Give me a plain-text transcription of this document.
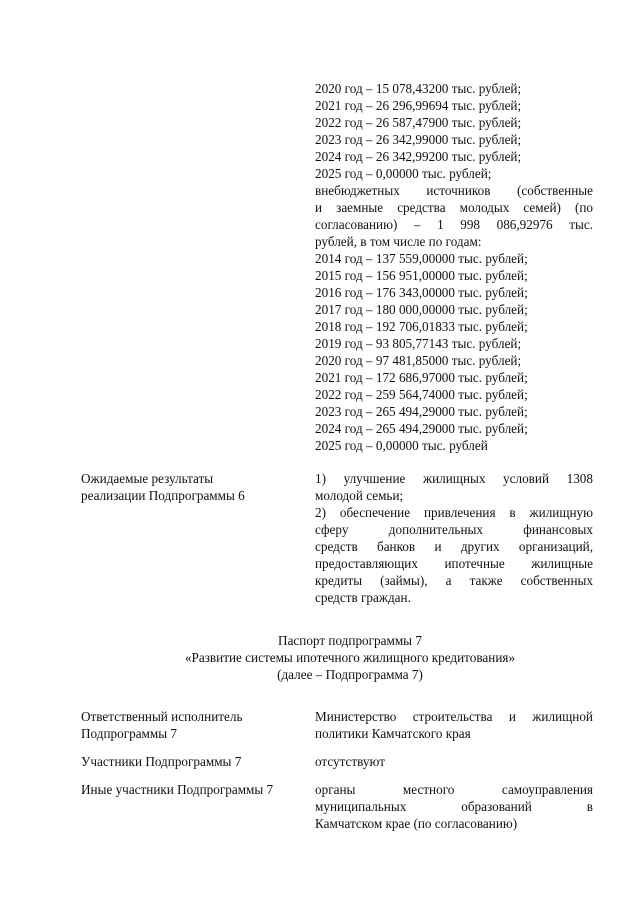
2020 год – 15 078,43200 тыс. рублей;
2021 год – 26 296,99694 тыс. рублей;
2022 год – 26 587,47900 тыс. рублей;
2023 год – 26 342,99000 тыс. рублей;
2024 год – 26 342,99200 тыс. рублей;
2025 год – 0,00000 тыс. рублей;
внебюджетных источников (собственные
и заемные средства молодых семей) (по
согласованию) – 1 998 086,92976 тыс.
рублей, в том числе по годам:
2014 год – 137 559,00000 тыс. рублей;
2015 год – 156 951,00000 тыс. рублей;
2016 год – 176 343,00000 тыс. рублей;
2017 год – 180 000,00000 тыс. рублей;
2018 год – 192 706,01833 тыс. рублей;
2019 год – 93 805,77143 тыс. рублей;
2020 год – 97 481,85000 тыс. рублей;
2021 год – 172 686,97000 тыс. рублей;
2022 год – 259 564,74000 тыс. рублей;
2023 год – 265 494,29000 тыс. рублей;
2024 год – 265 494,29000 тыс. рублей;
2025 год – 0,00000 тыс. рублей
Ожидаемые результаты
реализации Подпрограммы 6
1) улучшение жилищных условий 1308
молодой семьи;
2) обеспечение привлечения в жилищную
сферу дополнительных финансовых
средств банков и других организаций,
предоставляющих ипотечные жилищные
кредиты (займы), а также собственных
средств граждан.
Паспорт подпрограммы 7
«Развитие системы ипотечного жилищного кредитования»
(далее – Подпрограмма 7)
Ответственный исполнитель
Подпрограммы 7
Министерство строительства и жилищной
политики Камчатского края
Участники Подпрограммы 7	отсутствуют
Иные участники Подпрограммы 7	органы местного самоуправления
муниципальных образований в
Камчатском крае (по согласованию)
